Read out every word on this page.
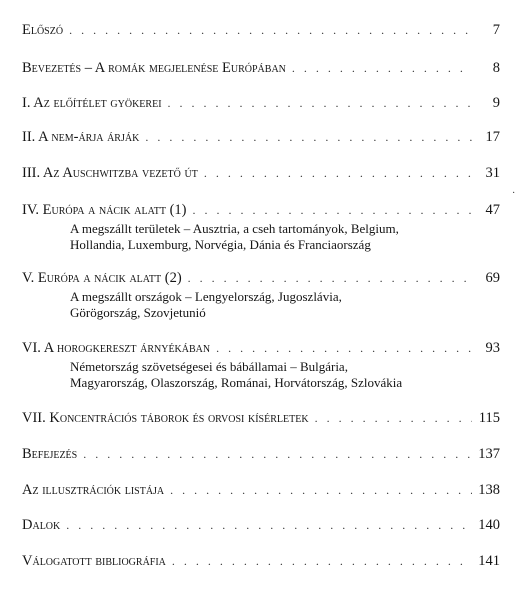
Előszó . . .	7
Bevezetés – A romák megjelenése Európában . . .	8
I. Az előítélet gyökerei . . .	9
II. A nem-árja árják . . .	17
III. Az Auschwitzba vezető út . . .	31
·
IV. Európa a nácik alatt (1) . . .	47
A megszállt területek – Ausztria, a cseh tartományok, Belgium,
Hollandia, Luxemburg, Norvégia, Dánia és Franciaország
V. Európa a nácik alatt (2) . . .	69
A megszállt országok – Lengyelország, Jugoszlávia,
Görögország, Szovjetunió
VI. A horogkereszt árnyékában . . .	93
Németország szövetségesei és bábállamai – Bulgária,
Magyarország, Olaszország, Románai, Horvátország, Szlovákia
VII. Koncentrációs táborok és orvosi kísérletek . . .	115
Befejezés . . .	137
Az illusztrációk listája . . .	138
Dalok . . .	140
Válogatott bibliográfia . . .	141
